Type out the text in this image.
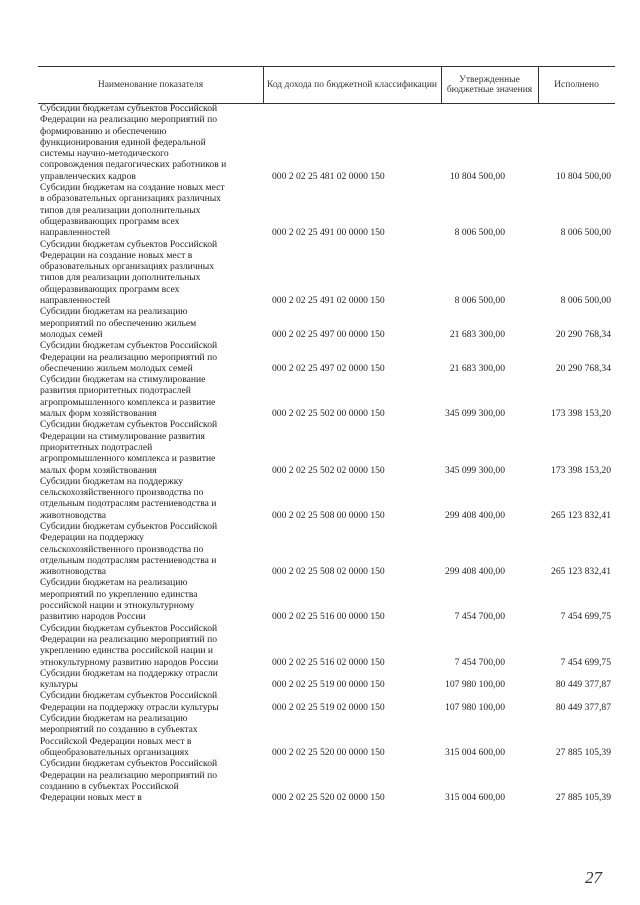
Наименование показателя	Код дохода по бюджетной классификации	Утвержденные бюджетные значения	Исполнено
Субсидии бюджетам субъектов Российской
Федерации на реализацию мероприятий по
формированию и обеспечению
функционирования единой федеральной
системы научно-методического
сопровождения педагогических работников и
управленческих кадров	000 2 02 25 481 02 0000 150	10 804 500,00	10 804 500,00
Субсидии бюджетам на создание новых мест
в образовательных организациях различных
типов для реализации дополнительных
общеразвивающих программ всех
направленностей	000 2 02 25 491 00 0000 150	8 006 500,00	8 006 500,00
Субсидии бюджетам субъектов Российской
Федерации на создание новых мест в
образовательных организациях различных
типов для реализации дополнительных
общеразвивающих программ всех
направленностей	000 2 02 25 491 02 0000 150	8 006 500,00	8 006 500,00
Субсидии бюджетам на реализацию
мероприятий по обеспечению жильем
молодых семей	000 2 02 25 497 00 0000 150	21 683 300,00	20 290 768,34
Субсидии бюджетам субъектов Российской
Федерации на реализацию мероприятий по
обеспечению жильем молодых семей	000 2 02 25 497 02 0000 150	21 683 300,00	20 290 768,34
Субсидии бюджетам на стимулирование
развития приоритетных подотраслей
агропромышленного комплекса и развитие
малых форм хозяйствования	000 2 02 25 502 00 0000 150	345 099 300,00	173 398 153,20
Субсидии бюджетам субъектов Российской
Федерации на стимулирование развития
приоритетных подотраслей
агропромышленного комплекса и развитие
малых форм хозяйствования	000 2 02 25 502 02 0000 150	345 099 300,00	173 398 153,20
Субсидии бюджетам на поддержку
сельскохозяйственного производства по
отдельным подотраслям растениеводства и
животноводства	000 2 02 25 508 00 0000 150	299 408 400,00	265 123 832,41
Субсидии бюджетам субъектов Российской
Федерации на поддержку
сельскохозяйственного производства по
отдельным подотраслям растениеводства и
животноводства	000 2 02 25 508 02 0000 150	299 408 400,00	265 123 832,41
Субсидии бюджетам на реализацию
мероприятий по укреплению единства
российской нации и этнокультурному
развитию народов России	000 2 02 25 516 00 0000 150	7 454 700,00	7 454 699,75
Субсидии бюджетам субъектов Российской
Федерации на реализацию мероприятий по
укреплению единства российской нации и
этнокультурному развитию народов России	000 2 02 25 516 02 0000 150	7 454 700,00	7 454 699,75
Субсидии бюджетам на поддержку отрасли
культуры	000 2 02 25 519 00 0000 150	107 980 100,00	80 449 377,87
Субсидии бюджетам субъектов Российской
Федерации на поддержку отрасли культуры	000 2 02 25 519 02 0000 150	107 980 100,00	80 449 377,87
Субсидии бюджетам на реализацию
мероприятий по созданию в субъектах
Российской Федерации новых мест в
общеобразовательных организациях	000 2 02 25 520 00 0000 150	315 004 600,00	27 885 105,39
Субсидии бюджетам субъектов Российской
Федерации на реализацию мероприятий по
созданию в субъектах Российской
Федерации новых мест в	000 2 02 25 520 02 0000 150	315 004 600,00	27 885 105,39
27
